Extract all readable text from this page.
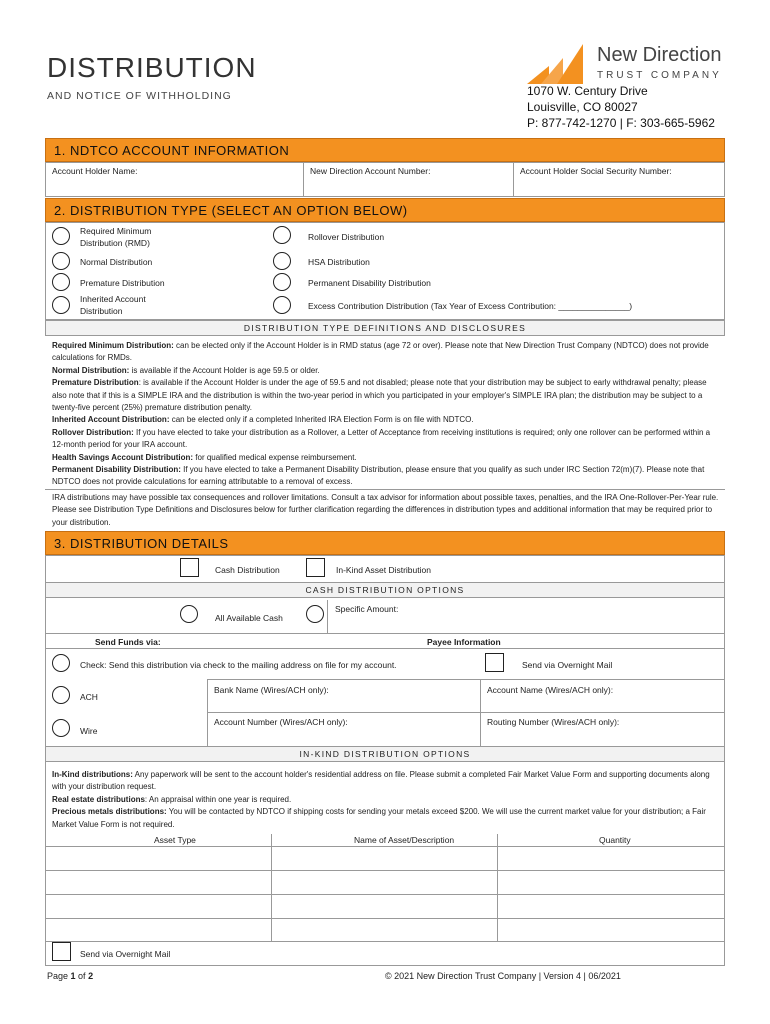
DISTRIBUTION
AND NOTICE OF WITHHOLDING
New Direction
TRUST COMPANY
1070 W. Century Drive
Louisville, CO 80027
P: 877-742-1270 | F: 303-665-5962
1. NDTCO ACCOUNT INFORMATION
Account Holder Name:	New Direction Account Number:	Account Holder Social Security Number:
2. DISTRIBUTION TYPE (SELECT AN OPTION BELOW)
Required Minimum Distribution (RMD)
Normal Distribution
Premature Distribution
Inherited Account Distribution
Rollover Distribution
HSA Distribution
Permanent Disability Distribution
Excess Contribution Distribution (Tax Year of Excess Contribution: _______________)
DISTRIBUTION TYPE DEFINITIONS AND DISCLOSURES
Required Minimum Distribution: can be elected only if the Account Holder is in RMD status (age 72 or over). Please note that New Direction Trust Company (NDTCO) does not provide calculations for RMDs.
Normal Distribution: is available if the Account Holder is age 59.5 or older.
Premature Distribution: is available if the Account Holder is under the age of 59.5 and not disabled; please note that your distribution may be subject to early withdrawal penalty; please also note that if this is a SIMPLE IRA and the distribution is within the two-year period in which you participated in your employer's SIMPLE IRA plan; the distribution may be subject to a twenty-five percent (25%) premature distribution penalty.
Inherited Account Distribution: can be elected only if a completed Inherited IRA Election Form is on file with NDTCO.
Rollover Distribution: If you have elected to take your distribution as a Rollover, a Letter of Acceptance from receiving institutions is required; only one rollover can be performed within a 12-month period for your IRA account.
Health Savings Account Distribution: for qualified medical expense reimbursement.
Permanent Disability Distribution: If you have elected to take a Permanent Disability Distribution, please ensure that you qualify as such under IRC Section 72(m)(7). Please note that NDTCO does not provide calculations for earning attributable to a removal of excess.
IRA distributions may have possible tax consequences and rollover limitations. Consult a tax advisor for information about possible taxes, penalties, and the IRA One-Rollover-Per-Year rule. Please see Distribution Type Definitions and Disclosures below for further clarification regarding the differences in distribution types and additional information that may be required prior to your distribution.
3. DISTRIBUTION DETAILS
Cash Distribution	In-Kind Asset Distribution
CASH DISTRIBUTION OPTIONS
All Available Cash
Specific Amount:
Send Funds via:	Payee Information
Check: Send this distribution via check to the mailing address on file for my account.	Send via Overnight Mail
ACH
Wire
Bank Name (Wires/ACH only):	Account Name (Wires/ACH only):
Account Number (Wires/ACH only):	Routing Number (Wires/ACH only):
IN-KIND DISTRIBUTION OPTIONS
In-Kind distributions: Any paperwork will be sent to the account holder's residential address on file. Please submit a completed Fair Market Value Form and supporting documents along with your distribution request.
Real estate distributions: An appraisal within one year is required.
Precious metals distributions: You will be contacted by NDTCO if shipping costs for sending your metals exceed $200. We will use the current market value for your distribution; a Fair Market Value Form is not required.
Asset Type	Name of Asset/Description	Quantity
Send via Overnight Mail
Page 1 of 2	© 2021 New Direction Trust Company | Version 4 | 06/2021
